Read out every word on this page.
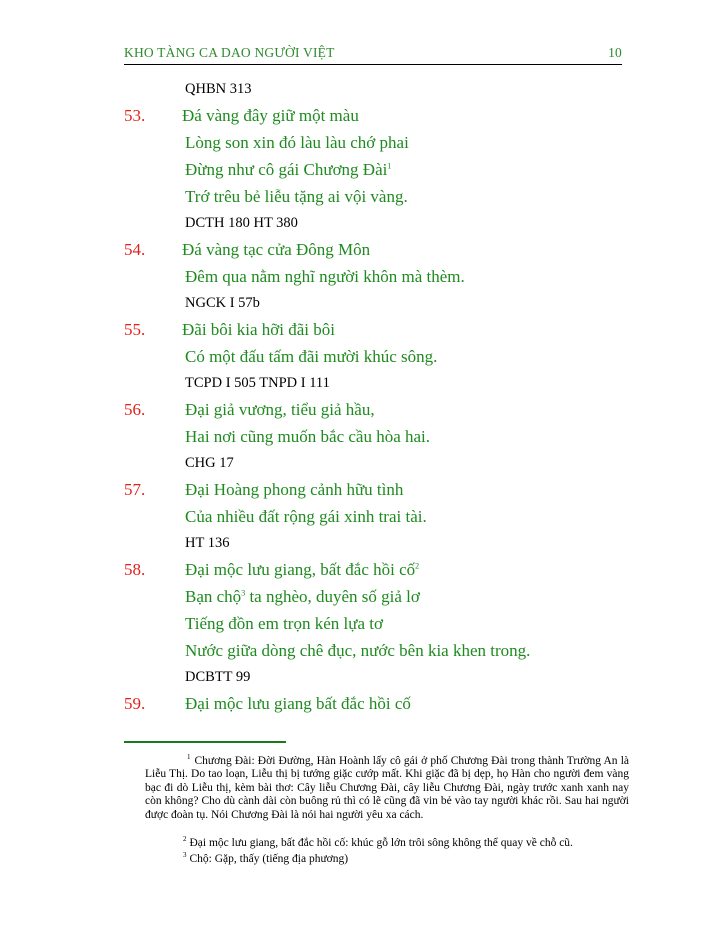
KHO TÀNG CA DAO NGƯỜI VIỆT	10
QHBN 313
53. Đá vàng đây giữ một màu
Lòng son xin đó làu làu chớ phai
Đừng như cô gái Chương Đài$^1$
Trớ trêu bẻ liễu tặng ai vội vàng.
DCTH 180 HT 380
54. Đá vàng tạc cửa Đông Môn
Đêm qua nằm nghĩ người khôn mà thèm.
NGCK I 57b
55. Đãi bôi kia hỡi đãi bôi
Có một đấu tấm đãi mười khúc sông.
TCPD I 505 TNPD I 111
56. Đại giả vương, tiểu giả hầu,
Hai nơi cũng muốn bắc cầu hòa hai.
CHG 17
57. Đại Hoàng phong cảnh hữu tình
Của nhiều đất rộng gái xinh trai tài.
HT 136
58. Đại mộc lưu giang, bất đắc hồi cố$^2$
Bạn chộ$^3$ ta nghèo, duyên số giả lơ
Tiếng đồn em trọn kén lựa tơ
Nước giữa dòng chê đục, nước bên kia khen trong.
DCBTT 99
59. Đại mộc lưu giang bất đắc hồi cố
$^1$ Chương Đài: Đời Đường, Hàn Hoành lấy cô gái ở phố Chương Đài trong thành Trường An là Liễu Thị. Do tao loạn, Liễu thị bị tướng giặc cướp mất. Khi giặc đã bị dẹp, họ Hàn cho người đem vàng bạc đi dò Liễu thị, kèm bài thơ: Cây liễu Chương Đài, cây liễu Chương Đài, ngày trước xanh xanh nay còn không? Cho dù cành dài còn buông rủ thì có lẽ cũng đã vin bẻ vào tay người khác rồi. Sau hai người được đoàn tụ. Nói Chương Đài là nói hai người yêu xa cách.
$^2$ Đại mộc lưu giang, bất đắc hồi cố: khúc gỗ lớn trôi sông không thể quay về chỗ cũ.
$^3$ Chộ: Gặp, thấy (tiếng địa phương)
